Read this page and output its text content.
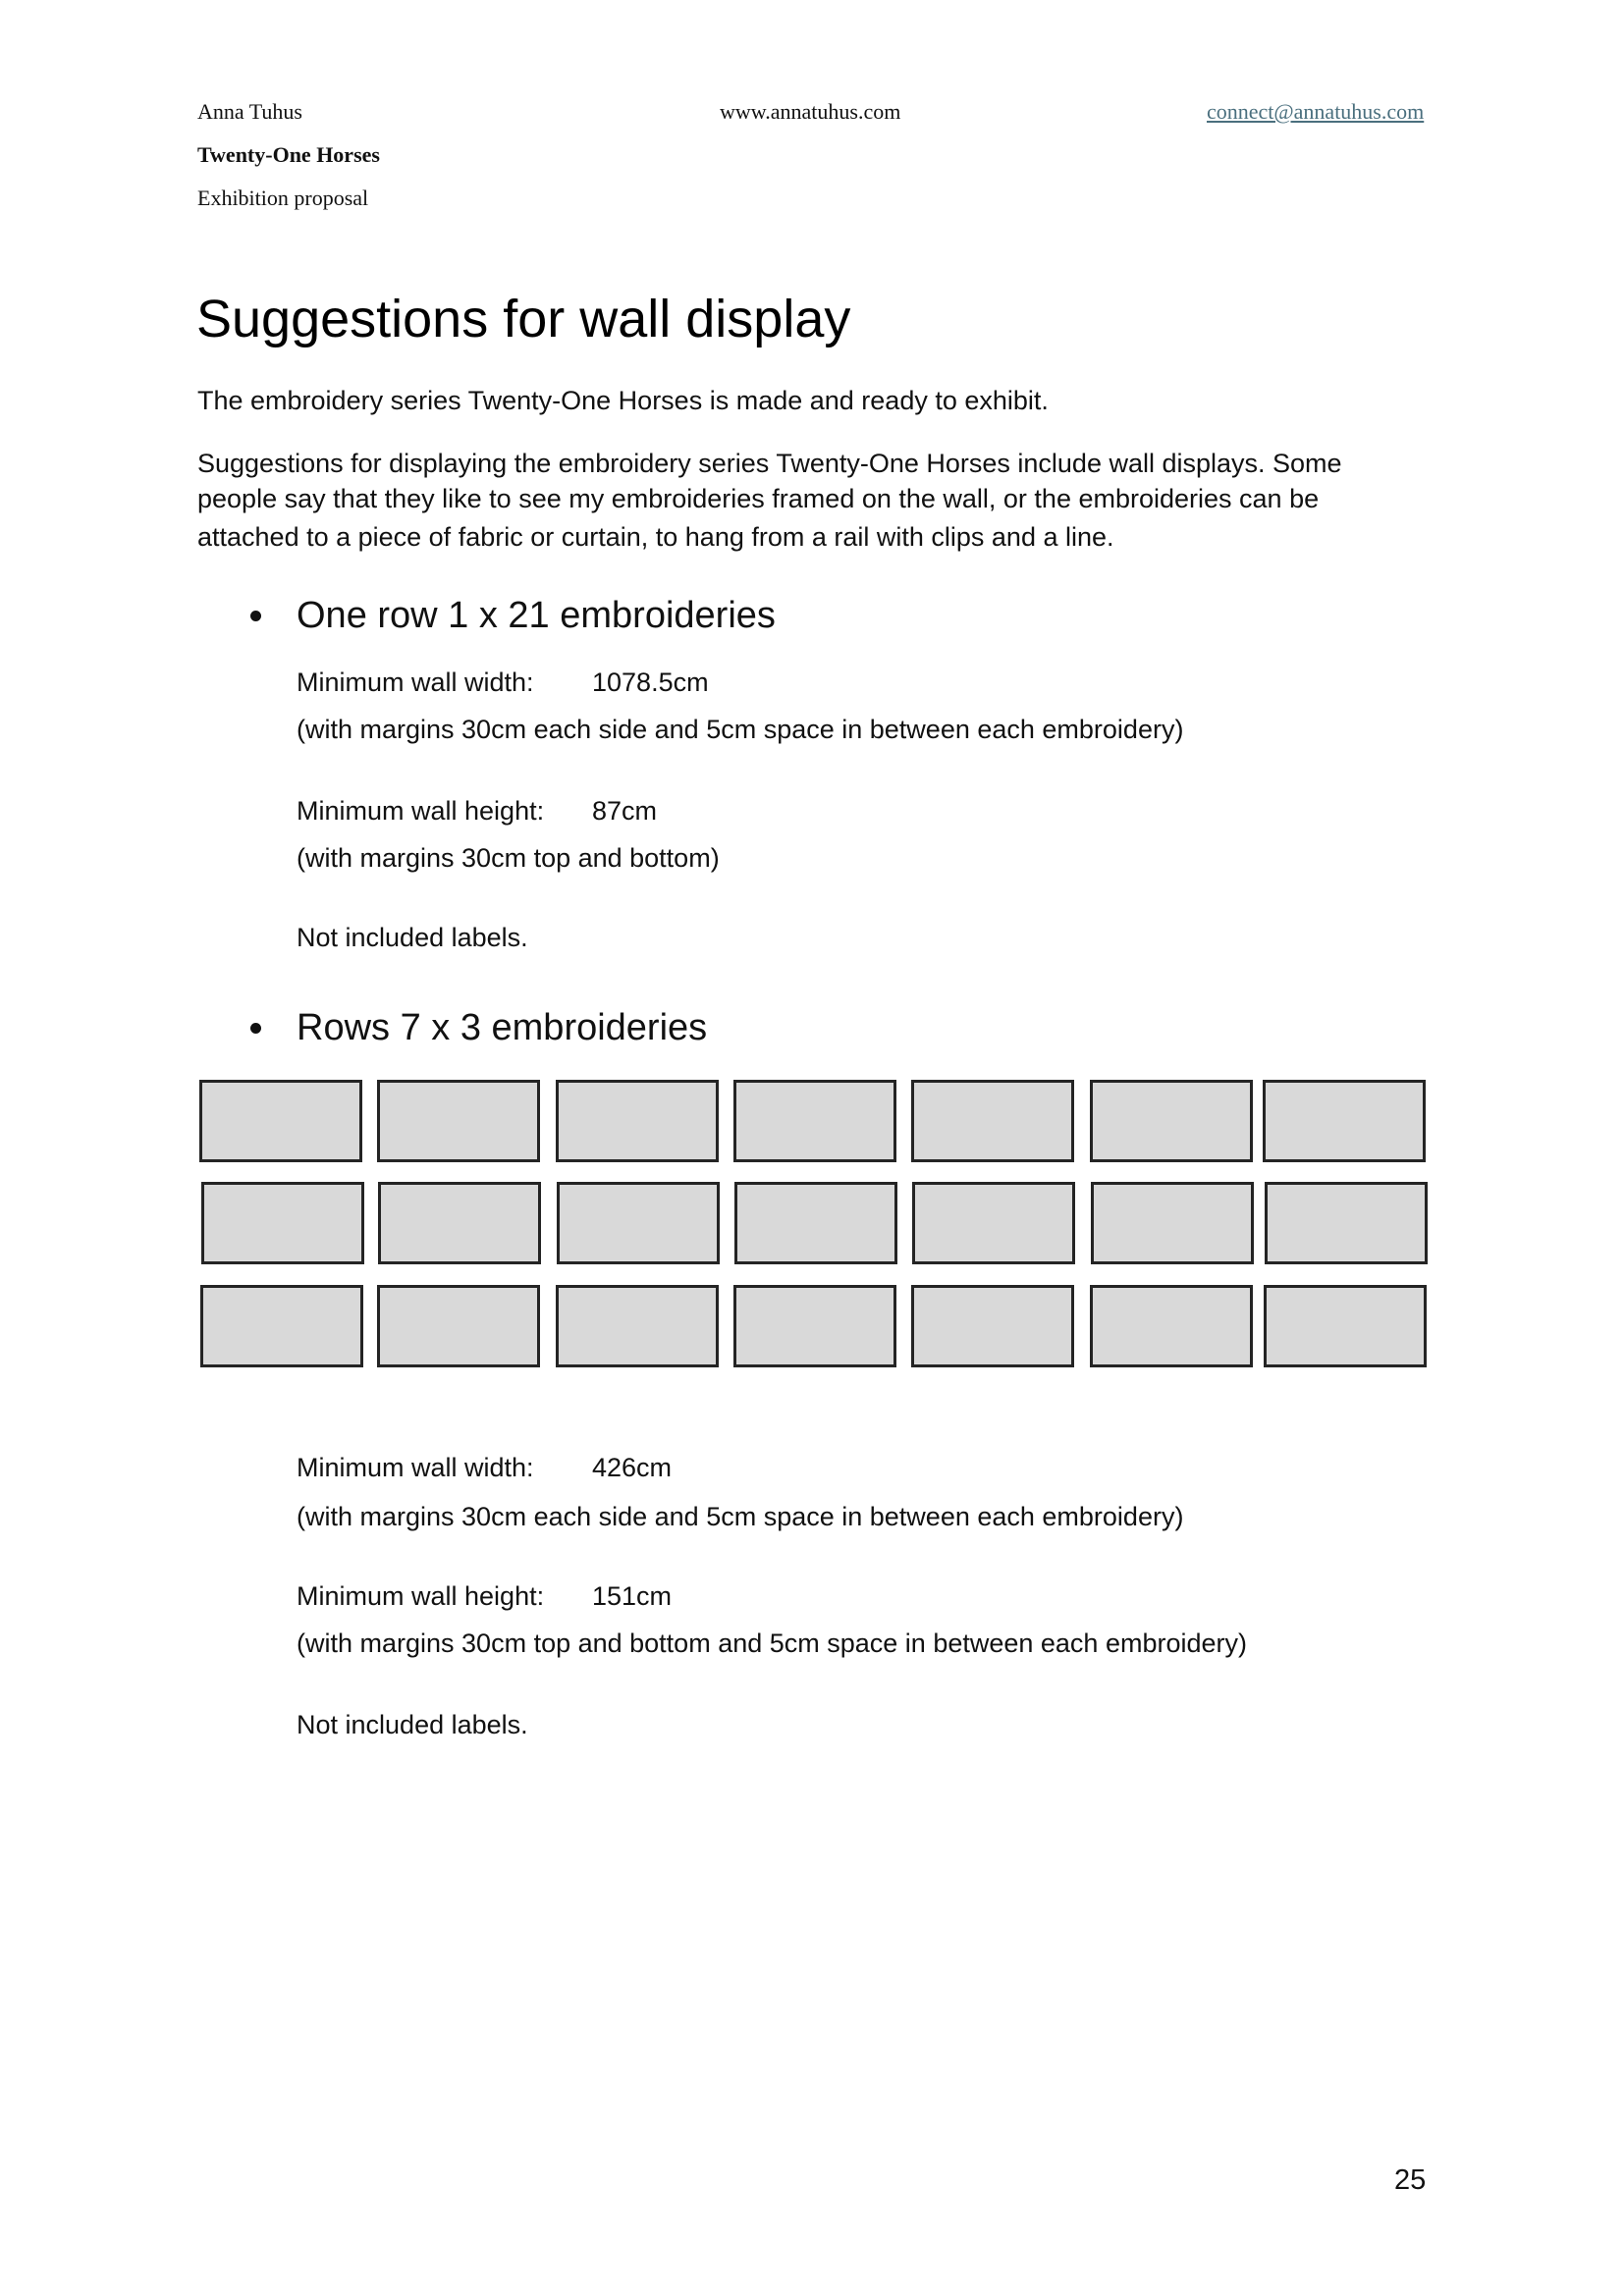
Anna Tuhus	www.annatuhus.com	connect@annatuhus.com
Twenty-One Horses
Exhibition proposal
Suggestions for wall display
The embroidery series Twenty-One Horses is made and ready to exhibit.
Suggestions for displaying the embroidery series Twenty-One Horses include wall displays. Some
people say that they like to see my embroideries framed on the wall, or the embroideries can be
attached to a piece of fabric or curtain, to hang from a rail with clips and a line.
One row 1 x 21 embroideries
Minimum wall width: 1078.5cm
(with margins 30cm each side and 5cm space in between each embroidery)
Minimum wall height: 87cm
(with margins 30cm top and bottom)
Not included labels.
Rows 7 x 3 embroideries
Minimum wall width: 426cm
(with margins 30cm each side and 5cm space in between each embroidery)
Minimum wall height: 151cm
(with margins 30cm top and bottom and 5cm space in between each embroidery)
Not included labels.
25
